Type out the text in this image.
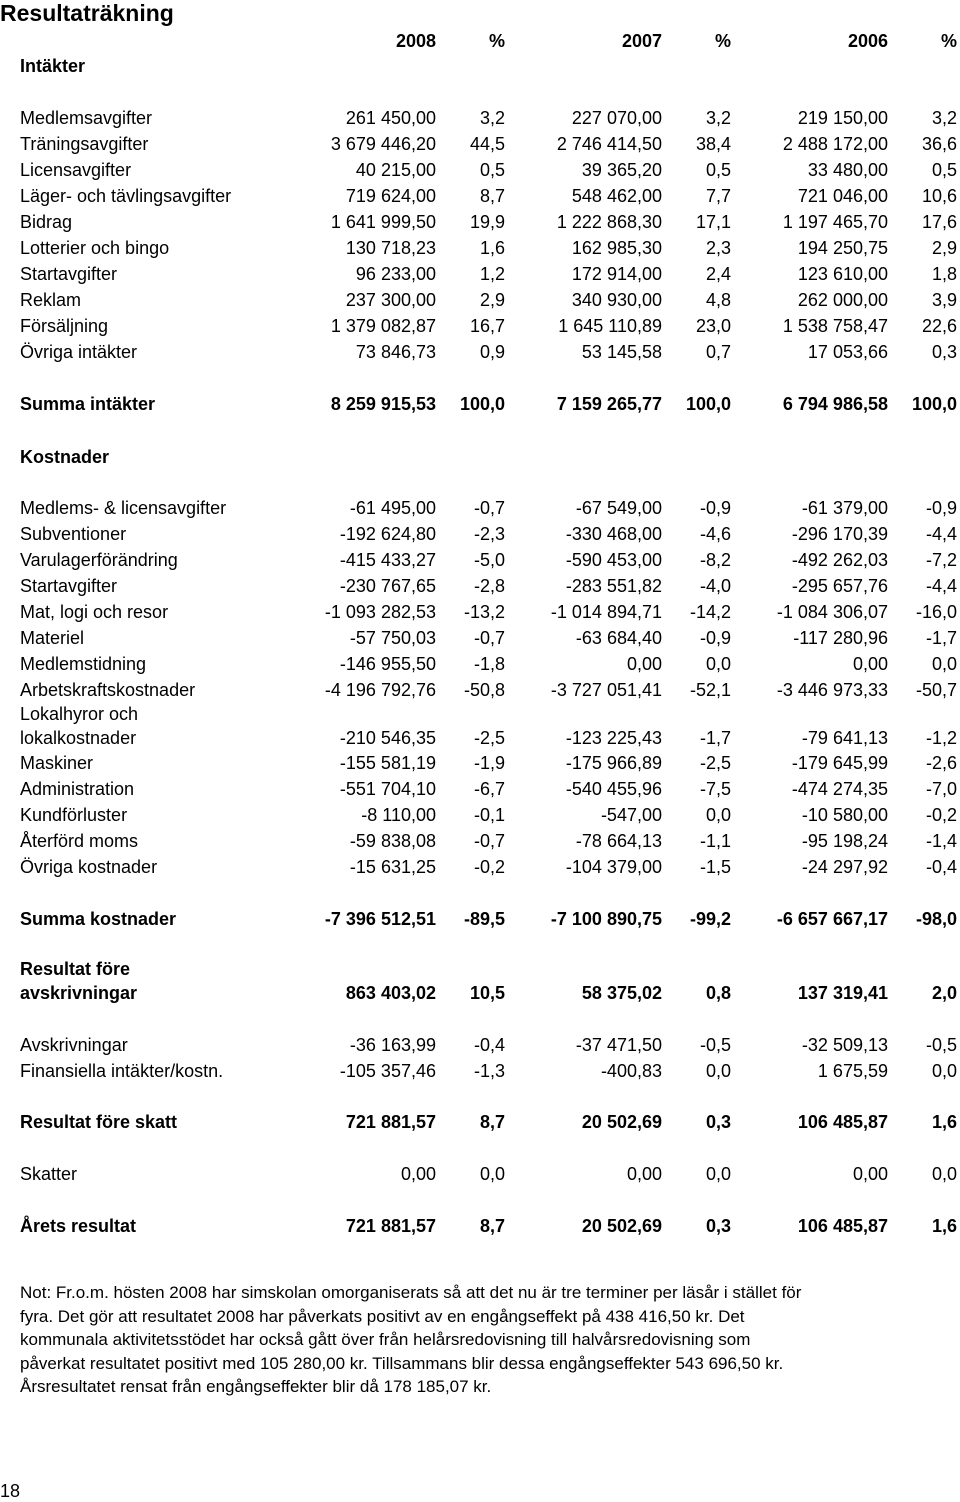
Resultaträkning
Intäkter
2008	%	2007	%	2006	%
Medlemsavgifter	261 450,00	3,2	227 070,00	3,2	219 150,00	3,2
Träningsavgifter	3 679 446,20	44,5	2 746 414,50	38,4	2 488 172,00	36,6
Licensavgifter	40 215,00	0,5	39 365,20	0,5	33 480,00	0,5
Läger- och tävlingsavgifter	719 624,00	8,7	548 462,00	7,7	721 046,00	10,6
Bidrag	1 641 999,50	19,9	1 222 868,30	17,1	1 197 465,70	17,6
Lotterier och bingo	130 718,23	1,6	162 985,30	2,3	194 250,75	2,9
Startavgifter	96 233,00	1,2	172 914,00	2,4	123 610,00	1,8
Reklam	237 300,00	2,9	340 930,00	4,8	262 000,00	3,9
Försäljning	1 379 082,87	16,7	1 645 110,89	23,0	1 538 758,47	22,6
Övriga intäkter	73 846,73	0,9	53 145,58	0,7	17 053,66	0,3
Summa intäkter	8 259 915,53	100,0	7 159 265,77	100,0	6 794 986,58	100,0
Kostnader
Medlems- & licensavgifter	-61 495,00	-0,7	-67 549,00	-0,9	-61 379,00	-0,9
Subventioner	-192 624,80	-2,3	-330 468,00	-4,6	-296 170,39	-4,4
Varulagerförändring	-415 433,27	-5,0	-590 453,00	-8,2	-492 262,03	-7,2
Startavgifter	-230 767,65	-2,8	-283 551,82	-4,0	-295 657,76	-4,4
Mat, logi och resor	-1 093 282,53	-13,2	-1 014 894,71	-14,2	-1 084 306,07	-16,0
Materiel	-57 750,03	-0,7	-63 684,40	-0,9	-117 280,96	-1,7
Medlemstidning	-146 955,50	-1,8	0,00	0,0	0,00	0,0
Arbetskraftskostnader	-4 196 792,76	-50,8	-3 727 051,41	-52,1	-3 446 973,33	-50,7
Lokalhyror och
lokalkostnader	-210 546,35	-2,5	-123 225,43	-1,7	-79 641,13	-1,2
Maskiner	-155 581,19	-1,9	-175 966,89	-2,5	-179 645,99	-2,6
Administration	-551 704,10	-6,7	-540 455,96	-7,5	-474 274,35	-7,0
Kundförluster	-8 110,00	-0,1	-547,00	0,0	-10 580,00	-0,2
Återförd moms	-59 838,08	-0,7	-78 664,13	-1,1	-95 198,24	-1,4
Övriga kostnader	-15 631,25	-0,2	-104 379,00	-1,5	-24 297,92	-0,4
Summa kostnader	-7 396 512,51	-89,5	-7 100 890,75	-99,2	-6 657 667,17	-98,0
Resultat före
avskrivningar	863 403,02	10,5	58 375,02	0,8	137 319,41	2,0
Avskrivningar	-36 163,99	-0,4	-37 471,50	-0,5	-32 509,13	-0,5
Finansiella intäkter/kostn.	-105 357,46	-1,3	-400,83	0,0	1 675,59	0,0
Resultat före skatt	721 881,57	8,7	20 502,69	0,3	106 485,87	1,6
Skatter	0,00	0,0	0,00	0,0	0,00	0,0
Årets resultat	721 881,57	8,7	20 502,69	0,3	106 485,87	1,6
Not: Fr.o.m. hösten 2008 har simskolan omorganiserats så att det nu är tre terminer per läsår i stället för
fyra. Det gör att resultatet 2008 har påverkats positivt av en engångseffekt på 438 416,50 kr. Det
kommunala aktivitetsstödet har också gått över från helårsredovisning till halvårsredovisning som
påverkat resultatet positivt med 105 280,00 kr. Tillsammans blir dessa engångseffekter 543 696,50 kr.
Årsresultatet rensat från engångseffekter blir då 178 185,07 kr.
18
